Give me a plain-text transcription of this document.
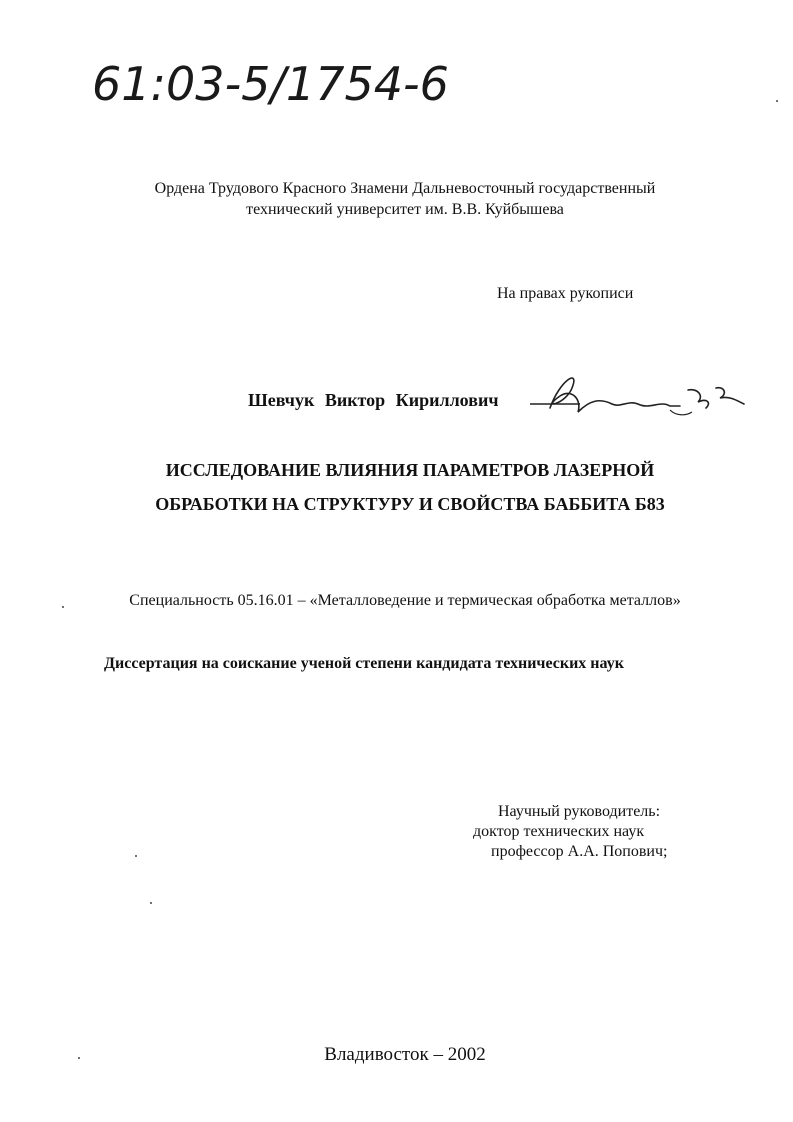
61:03-5/1754-6
Ордена Трудового Красного Знамени Дальневосточный государственный
технический университет им. В.В. Куйбышева
На правах рукописи
Шевчук Виктор Кириллович
ИССЛЕДОВАНИЕ ВЛИЯНИЯ ПАРАМЕТРОВ ЛАЗЕРНОЙ
ОБРАБОТКИ НА СТРУКТУРУ И СВОЙСТВА БАББИТА Б83
Специальность 05.16.01 – «Металловедение и термическая обработка металлов»
Диссертация на соискание ученой степени кандидата технических наук
Научный руководитель:
доктор технических наук
профессор А.А. Попович;
Владивосток – 2002
